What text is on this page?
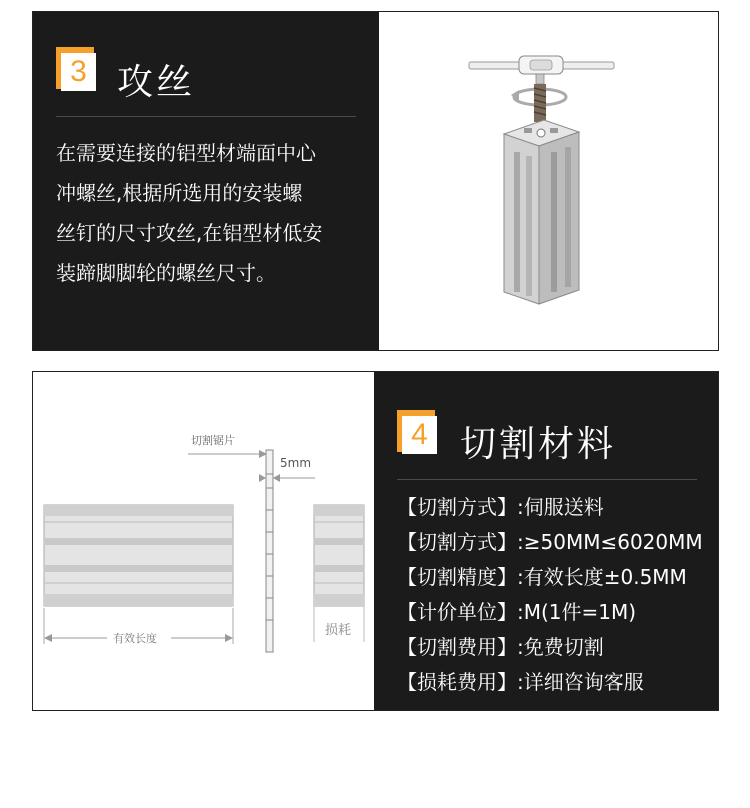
3 攻丝
在需要连接的铝型材端面中心
冲螺丝,根据所选用的安装螺
丝钉的尺寸攻丝,在铝型材低安
装蹄脚脚轮的螺丝尺寸。
切割锯片
5mm
损耗
有效长度
4 切割材料
【切割方式】:伺服送料
【切割方式】:≥50MM≤6020MM
【切割精度】:有效长度±0.5MM
【计价单位】:M(1件=1M)
【切割费用】:免费切割
【损耗费用】:详细咨询客服
